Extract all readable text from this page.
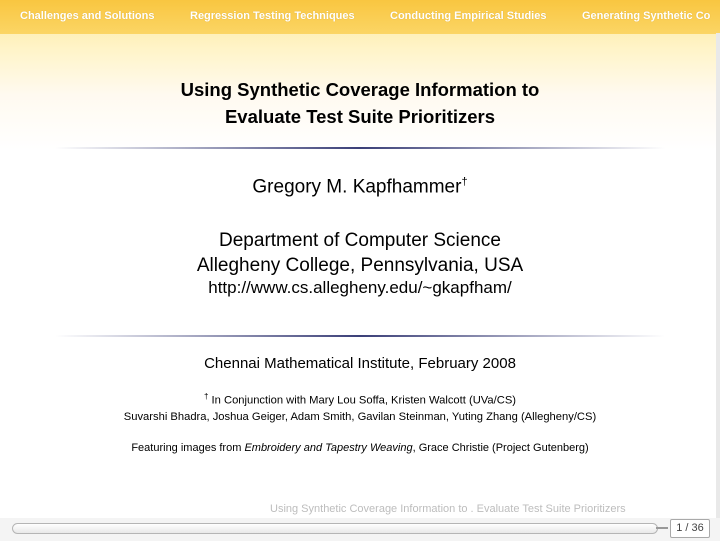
Challenges and Solutions	Regression Testing Techniques	Conducting Empirical Studies	Generating Synthetic Co
Using Synthetic Coverage Information to
Evaluate Test Suite Prioritizers
Gregory M. Kapfhammer†
Department of Computer Science
Allegheny College, Pennsylvania, USA
http://www.cs.allegheny.edu/~gkapfham/
Chennai Mathematical Institute, February 2008
† In Conjunction with Mary Lou Soffa, Kristen Walcott (UVa/CS)
Suvarshi Bhadra, Joshua Geiger, Adam Smith, Gavilan Steinman, Yuting Zhang (Allegheny/CS)
Featuring images from Embroidery and Tapestry Weaving, Grace Christie (Project Gutenberg)
Using Synthetic Coverage Information to . Evaluate Test Suite Prioritizers
1 / 36
